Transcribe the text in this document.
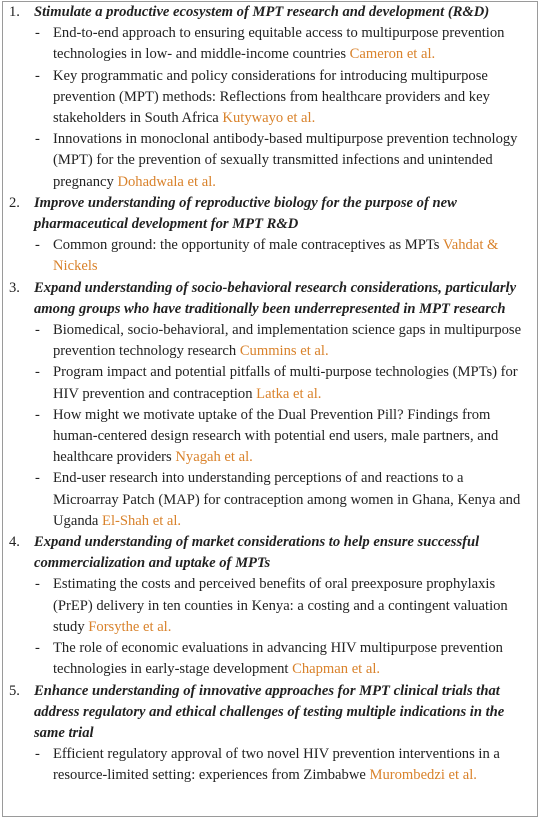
1. Stimulate a productive ecosystem of MPT research and development (R&D)
- End-to-end approach to ensuring equitable access to multipurpose prevention technologies in low- and middle-income countries Cameron et al.
- Key programmatic and policy considerations for introducing multipurpose prevention (MPT) methods: Reflections from healthcare providers and key stakeholders in South Africa Kutywayo et al.
- Innovations in monoclonal antibody-based multipurpose prevention technology (MPT) for the prevention of sexually transmitted infections and unintended pregnancy Dohadwala et al.
2. Improve understanding of reproductive biology for the purpose of new pharmaceutical development for MPT R&D
- Common ground: the opportunity of male contraceptives as MPTs Vahdat & Nickels
3. Expand understanding of socio-behavioral research considerations, particularly among groups who have traditionally been underrepresented in MPT research
- Biomedical, socio-behavioral, and implementation science gaps in multipurpose prevention technology research Cummins et al.
- Program impact and potential pitfalls of multi-purpose technologies (MPTs) for HIV prevention and contraception Latka et al.
- How might we motivate uptake of the Dual Prevention Pill? Findings from human-centered design research with potential end users, male partners, and healthcare providers Nyagah et al.
- End-user research into understanding perceptions of and reactions to a Microarray Patch (MAP) for contraception among women in Ghana, Kenya and Uganda El-Shah et al.
4. Expand understanding of market considerations to help ensure successful commercialization and uptake of MPTs
- Estimating the costs and perceived benefits of oral preexposure prophylaxis (PrEP) delivery in ten counties in Kenya: a costing and a contingent valuation study Forsythe et al.
- The role of economic evaluations in advancing HIV multipurpose prevention technologies in early-stage development Chapman et al.
5. Enhance understanding of innovative approaches for MPT clinical trials that address regulatory and ethical challenges of testing multiple indications in the same trial
- Efficient regulatory approval of two novel HIV prevention interventions in a resource-limited setting: experiences from Zimbabwe Murombedzi et al.
